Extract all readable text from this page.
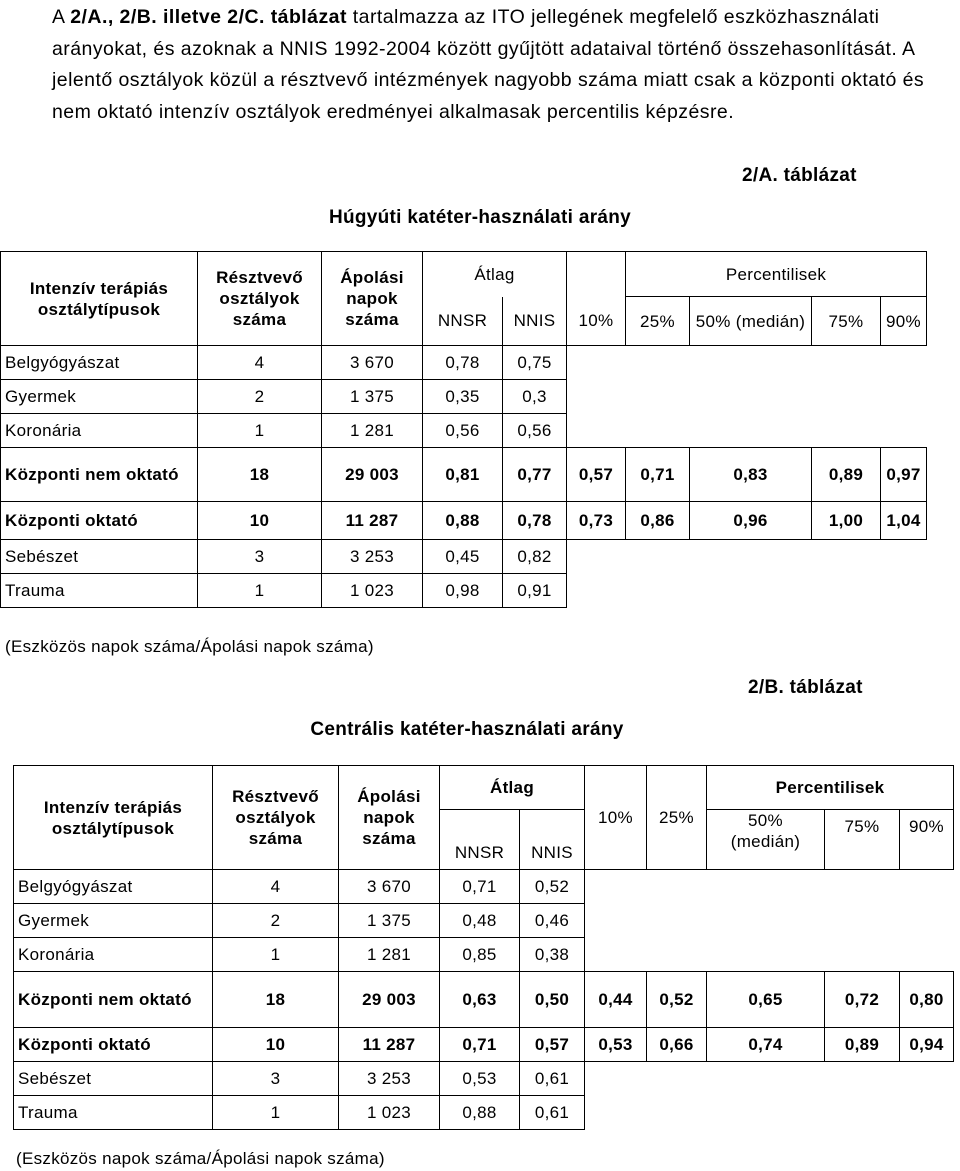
A 2/A., 2/B. illetve 2/C. táblázat tartalmazza az ITO jellegének megfelelő eszközhasználati arányokat, és azoknak a NNIS 1992-2004 között gyűjtött adataival történő összehasonlítását. A jelentő osztályok közül a résztvevő intézmények nagyobb száma miatt csak a központi oktató és nem oktató intenzív osztályok eredményei alkalmasak percentilis képzésre.
2/A. táblázat
Húgyúti katéter-használati arány
Intenzív terápiás osztálytípusok	Résztvevő osztályok száma	Ápolási napok száma	Átlag			Percentilisek			
			NNSR	NNIS	10%	25%	50% (medián)	75%	90%
Belgyógyászat	4	3 670	0,78	0,75					
Gyermek	2	1 375	0,35	0,3					
Koronária	1	1 281	0,56	0,56					
Központi nem oktató	18	29 003	0,81	0,77	0,57	0,71	0,83	0,89	0,97
Központi oktató	10	11 287	0,88	0,78	0,73	0,86	0,96	1,00	1,04
Sebészet	3	3 253	0,45	0,82					
Trauma	1	1 023	0,98	0,91					
(Eszközös napok száma/Ápolási napok száma)
2/B. táblázat
Centrális katéter-használati arány
Intenzív terápiás osztálytípusok	Résztvevő osztályok száma	Ápolási napok száma	Átlag		10%	25%	Percentilisek		
			NNSR	NNIS			50% (medián)	75%	90%
Belgyógyászat	4	3 670	0,71	0,52					
Gyermek	2	1 375	0,48	0,46					
Koronária	1	1 281	0,85	0,38					
Központi nem oktató	18	29 003	0,63	0,50	0,44	0,52	0,65	0,72	0,80
Központi oktató	10	11 287	0,71	0,57	0,53	0,66	0,74	0,89	0,94
Sebészet	3	3 253	0,53	0,61					
Trauma	1	1 023	0,88	0,61					
(Eszközös napok száma/Ápolási napok száma)
